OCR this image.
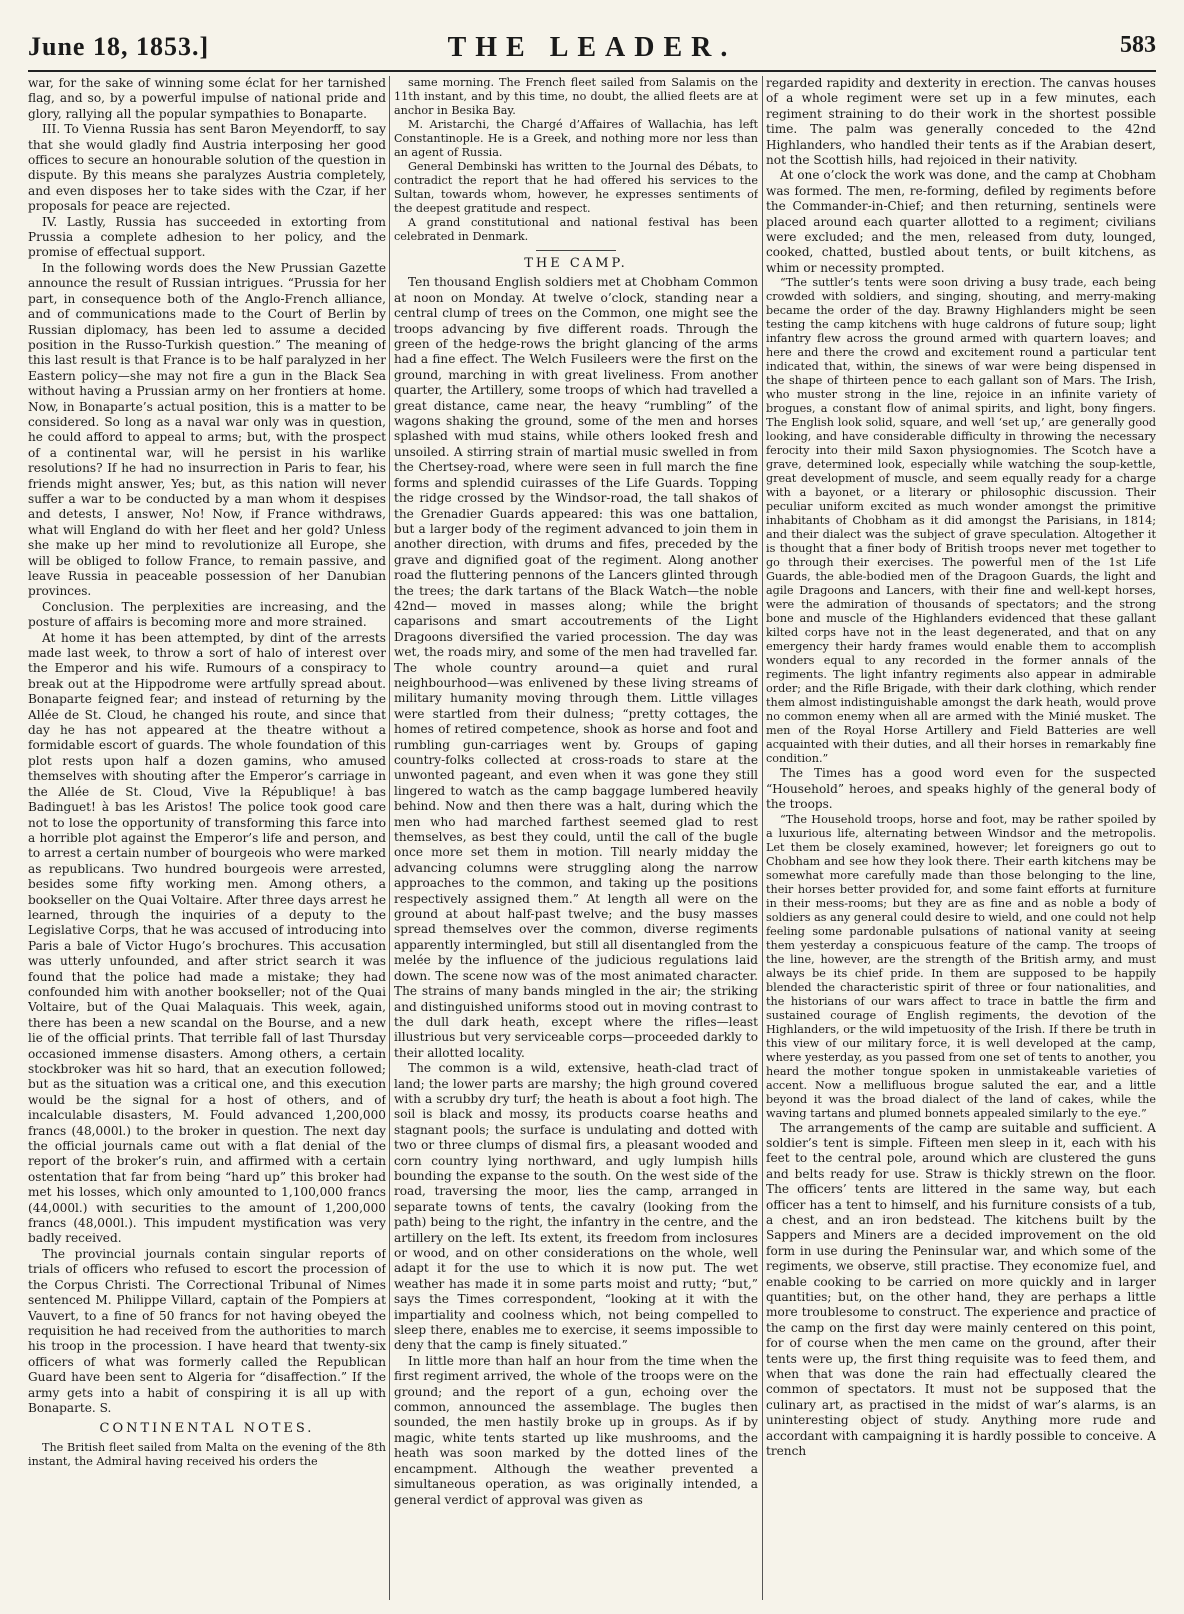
June 18, 1853.]	THE LEADER.	583

war, for the sake of winning some éclat for her tarnished flag, and so, by a powerful impulse of national pride and glory, rallying all the popular sympathies to Bonaparte.

III. To Vienna Russia has sent Baron Meyendorff, to say that she would gladly find Austria interposing her good offices to secure an honourable solution of the question in dispute. By this means she paralyzes Austria completely, and even disposes her to take sides with the Czar, if her proposals for peace are rejected.

IV. Lastly, Russia has succeeded in extorting from Prussia a complete adhesion to her policy, and the promise of effectual support.

In the following words does the New Prussian Gazette announce the result of Russian intrigues. “Prussia for her part, in consequence both of the Anglo-French alliance, and of communications made to the Court of Berlin by Russian diplomacy, has been led to assume a decided position in the Russo-Turkish question.” The meaning of this last result is that France is to be half paralyzed in her Eastern policy—she may not fire a gun in the Black Sea without having a Prussian army on her frontiers at home. Now, in Bonaparte’s actual position, this is a matter to be considered. So long as a naval war only was in question, he could afford to appeal to arms; but, with the prospect of a continental war, will he persist in his warlike resolutions? If he had no insurrection in Paris to fear, his friends might answer, Yes; but, as this nation will never suffer a war to be conducted by a man whom it despises and detests, I answer, No! Now, if France withdraws, what will England do with her fleet and her gold? Unless she make up her mind to revolutionize all Europe, she will be obliged to follow France, to remain passive, and leave Russia in peaceable possession of her Danubian provinces.

Conclusion. The perplexities are increasing, and the posture of affairs is becoming more and more strained.

At home it has been attempted, by dint of the arrests made last week, to throw a sort of halo of interest over the Emperor and his wife. Rumours of a conspiracy to break out at the Hippodrome were artfully spread about. Bonaparte feigned fear; and instead of returning by the Allée de St. Cloud, he changed his route, and since that day he has not appeared at the theatre without a formidable escort of guards. The whole foundation of this plot rests upon half a dozen gamins, who amused themselves with shouting after the Emperor’s carriage in the Allée de St. Cloud, Vive la République! à bas Badinguet! à bas les Aristos! The police took good care not to lose the opportunity of transforming this farce into a horrible plot against the Emperor’s life and person, and to arrest a certain number of bourgeois who were marked as republicans. Two hundred bourgeois were arrested, besides some fifty working men. Among others, a bookseller on the Quai Voltaire. After three days arrest he learned, through the inquiries of a deputy to the Legislative Corps, that he was accused of introducing into Paris a bale of Victor Hugo’s brochures. This accusation was utterly unfounded, and after strict search it was found that the police had made a mistake; they had confounded him with another bookseller; not of the Quai Voltaire, but of the Quai Malaquais. This week, again, there has been a new scandal on the Bourse, and a new lie of the official prints. That terrible fall of last Thursday occasioned immense disasters. Among others, a certain stockbroker was hit so hard, that an execution followed; but as the situation was a critical one, and this execution would be the signal for a host of others, and of incalculable disasters, M. Fould advanced 1,200,000 francs (48,000l.) to the broker in question. The next day the official journals came out with a flat denial of the report of the broker’s ruin, and affirmed with a certain ostentation that far from being “hard up” this broker had met his losses, which only amounted to 1,100,000 francs (44,000l.) with securities to the amount of 1,200,000 francs (48,000l.). This impudent mystification was very badly received.

The provincial journals contain singular reports of trials of officers who refused to escort the procession of the Corpus Christi. The Correctional Tribunal of Nimes sentenced M. Philippe Villard, captain of the Pompiers at Vauvert, to a fine of 50 francs for not having obeyed the requisition he had received from the authorities to march his troop in the procession. I have heard that twenty-six officers of what was formerly called the Republican Guard have been sent to Algeria for “disaffection.” If the army gets into a habit of conspiring it is all up with Bonaparte. S.

CONTINENTAL NOTES.

The British fleet sailed from Malta on the evening of the 8th instant, the Admiral having received his orders the

same morning. The French fleet sailed from Salamis on the 11th instant, and by this time, no doubt, the allied fleets are at anchor in Besika Bay.

M. Aristarchi, the Chargé d’Affaires of Wallachia, has left Constantinople. He is a Greek, and nothing more nor less than an agent of Russia.

General Dembinski has written to the Journal des Débats, to contradict the report that he had offered his services to the Sultan, towards whom, however, he expresses sentiments of the deepest gratitude and respect.

A grand constitutional and national festival has been celebrated in Denmark.

THE CAMP.

Ten thousand English soldiers met at Chobham Common at noon on Monday. At twelve o’clock, standing near a central clump of trees on the Common, one might see the troops advancing by five different roads. Through the green of the hedge-rows the bright glancing of the arms had a fine effect. The Welch Fusileers were the first on the ground, marching in with great liveliness. From another quarter, the Artillery, some troops of which had travelled a great distance, came near, the heavy “rumbling” of the wagons shaking the ground, some of the men and horses splashed with mud stains, while others looked fresh and unsoiled. A stirring strain of martial music swelled in from the Chertsey-road, where were seen in full march the fine forms and splendid cuirasses of the Life Guards. Topping the ridge crossed by the Windsor-road, the tall shakos of the Grenadier Guards appeared: this was one battalion, but a larger body of the regiment advanced to join them in another direction, with drums and fifes, preceded by the grave and dignified goat of the regiment. Along another road the fluttering pennons of the Lancers glinted through the trees; the dark tartans of the Black Watch—the noble 42nd— moved in masses along; while the bright caparisons and smart accoutrements of the Light Dragoons diversified the varied procession. The day was wet, the roads miry, and some of the men had travelled far. The whole country around—a quiet and rural neighbourhood—was enlivened by these living streams of military humanity moving through them. Little villages were startled from their dulness; “pretty cottages, the homes of retired competence, shook as horse and foot and rumbling gun-carriages went by. Groups of gaping country-folks collected at cross-roads to stare at the unwonted pageant, and even when it was gone they still lingered to watch as the camp baggage lumbered heavily behind. Now and then there was a halt, during which the men who had marched farthest seemed glad to rest themselves, as best they could, until the call of the bugle once more set them in motion. Till nearly midday the advancing columns were struggling along the narrow approaches to the common, and taking up the positions respectively assigned them.” At length all were on the ground at about half-past twelve; and the busy masses spread themselves over the common, diverse regiments apparently intermingled, but still all disentangled from the melée by the influence of the judicious regulations laid down. The scene now was of the most animated character. The strains of many bands mingled in the air; the striking and distinguished uniforms stood out in moving contrast to the dull dark heath, except where the rifles—least illustrious but very serviceable corps—proceeded darkly to their allotted locality.

The common is a wild, extensive, heath-clad tract of land; the lower parts are marshy; the high ground covered with a scrubby dry turf; the heath is about a foot high. The soil is black and mossy, its products coarse heaths and stagnant pools; the surface is undulating and dotted with two or three clumps of dismal firs, a pleasant wooded and corn country lying northward, and ugly lumpish hills bounding the expanse to the south. On the west side of the road, traversing the moor, lies the camp, arranged in separate towns of tents, the cavalry (looking from the path) being to the right, the infantry in the centre, and the artillery on the left. Its extent, its freedom from inclosures or wood, and on other considerations on the whole, well adapt it for the use to which it is now put. The wet weather has made it in some parts moist and rutty; “but,” says the Times correspondent, “looking at it with the impartiality and coolness which, not being compelled to sleep there, enables me to exercise, it seems impossible to deny that the camp is finely situated.”

In little more than half an hour from the time when the first regiment arrived, the whole of the troops were on the ground; and the report of a gun, echoing over the common, announced the assemblage. The bugles then sounded, the men hastily broke up in groups. As if by magic, white tents started up like mushrooms, and the heath was soon marked by the dotted lines of the encampment. Although the weather prevented a simultaneous operation, as was originally intended, a general verdict of approval was given as

regarded rapidity and dexterity in erection. The canvas houses of a whole regiment were set up in a few minutes, each regiment straining to do their work in the shortest possible time. The palm was generally conceded to the 42nd Highlanders, who handled their tents as if the Arabian desert, not the Scottish hills, had rejoiced in their nativity.

At one o’clock the work was done, and the camp at Chobham was formed. The men, re-forming, defiled by regiments before the Commander-in-Chief; and then returning, sentinels were placed around each quarter allotted to a regiment; civilians were excluded; and the men, released from duty, lounged, cooked, chatted, bustled about tents, or built kitchens, as whim or necessity prompted.

“The suttler’s tents were soon driving a busy trade, each being crowded with soldiers, and singing, shouting, and merry-making became the order of the day. Brawny Highlanders might be seen testing the camp kitchens with huge caldrons of future soup; light infantry flew across the ground armed with quartern loaves; and here and there the crowd and excitement round a particular tent indicated that, within, the sinews of war were being dispensed in the shape of thirteen pence to each gallant son of Mars. The Irish, who muster strong in the line, rejoice in an infinite variety of brogues, a constant flow of animal spirits, and light, bony fingers. The English look solid, square, and well ‘set up,’ are generally good looking, and have considerable difficulty in throwing the necessary ferocity into their mild Saxon physiognomies. The Scotch have a grave, determined look, especially while watching the soup-kettle, great development of muscle, and seem equally ready for a charge with a bayonet, or a literary or philosophic discussion. Their peculiar uniform excited as much wonder amongst the primitive inhabitants of Chobham as it did amongst the Parisians, in 1814; and their dialect was the subject of grave speculation. Altogether it is thought that a finer body of British troops never met together to go through their exercises. The powerful men of the 1st Life Guards, the able-bodied men of the Dragoon Guards, the light and agile Dragoons and Lancers, with their fine and well-kept horses, were the admiration of thousands of spectators; and the strong bone and muscle of the Highlanders evidenced that these gallant kilted corps have not in the least degenerated, and that on any emergency their hardy frames would enable them to accomplish wonders equal to any recorded in the former annals of the regiments. The light infantry regiments also appear in admirable order; and the Rifle Brigade, with their dark clothing, which render them almost indistinguishable amongst the dark heath, would prove no common enemy when all are armed with the Minié musket. The men of the Royal Horse Artillery and Field Batteries are well acquainted with their duties, and all their horses in remarkably fine condition.”

The Times has a good word even for the suspected “Household” heroes, and speaks highly of the general body of the troops.

“The Household troops, horse and foot, may be rather spoiled by a luxurious life, alternating between Windsor and the metropolis. Let them be closely examined, however; let foreigners go out to Chobham and see how they look there. Their earth kitchens may be somewhat more carefully made than those belonging to the line, their horses better provided for, and some faint efforts at furniture in their mess-rooms; but they are as fine and as noble a body of soldiers as any general could desire to wield, and one could not help feeling some pardonable pulsations of national vanity at seeing them yesterday a conspicuous feature of the camp. The troops of the line, however, are the strength of the British army, and must always be its chief pride. In them are supposed to be happily blended the characteristic spirit of three or four nationalities, and the historians of our wars affect to trace in battle the firm and sustained courage of English regiments, the devotion of the Highlanders, or the wild impetuosity of the Irish. If there be truth in this view of our military force, it is well developed at the camp, where yesterday, as you passed from one set of tents to another, you heard the mother tongue spoken in unmistakeable varieties of accent. Now a mellifluous brogue saluted the ear, and a little beyond it was the broad dialect of the land of cakes, while the waving tartans and plumed bonnets appealed similarly to the eye.”

The arrangements of the camp are suitable and sufficient. A soldier’s tent is simple. Fifteen men sleep in it, each with his feet to the central pole, around which are clustered the guns and belts ready for use. Straw is thickly strewn on the floor. The officers’ tents are littered in the same way, but each officer has a tent to himself, and his furniture consists of a tub, a chest, and an iron bedstead. The kitchens built by the Sappers and Miners are a decided improvement on the old form in use during the Peninsular war, and which some of the regiments, we observe, still practise. They economize fuel, and enable cooking to be carried on more quickly and in larger quantities; but, on the other hand, they are perhaps a little more troublesome to construct. The experience and practice of the camp on the first day were mainly centered on this point, for of course when the men came on the ground, after their tents were up, the first thing requisite was to feed them, and when that was done the rain had effectually cleared the common of spectators. It must not be supposed that the culinary art, as practised in the midst of war’s alarms, is an uninteresting object of study. Anything more rude and accordant with campaigning it is hardly possible to conceive. A trench
